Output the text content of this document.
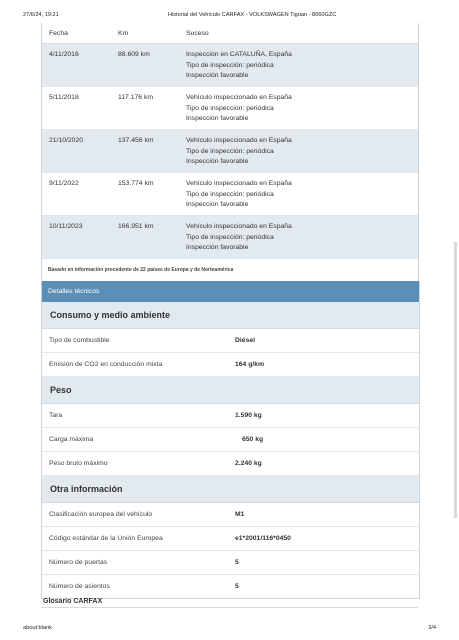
27/6/24, 19:21	Historial del Vehículo CARFAX - VOLKSWAGEN Tiguan - 8060GZC
Fecha	Km	Suceso
4/11/2016	88.609 km	Inspección en CATALUÑA, España
Tipo de inspección: periódica
Inspección favorable
5/11/2018	117.176 km	Vehículo inspeccionado en España
Tipo de inspección: periódica
Inspección favorable
21/10/2020	137.456 km	Vehículo inspeccionado en España
Tipo de inspección: periódica
Inspección favorable
9/11/2022	153.774 km	Vehículo inspeccionado en España
Tipo de inspección: periódica
Inspección favorable
10/11/2023	166.951 km	Vehículo inspeccionado en España
Tipo de inspección: periódica
Inspección favorable
Basado en información procedente de 22 países de Europa y de Norteamérica
Detalles técnicos
Consumo y medio ambiente
Tipo de combustible	Diésel
Emisión de CO2 en conducción mixta	164 g/km
Peso
Tara	1.590 kg
Carga máxima	650 kg
Peso bruto máximo	2.240 kg
Otra información
Clasificación europea del vehículo	M1
Código estándar de la Unión Europea	e1*2001/116*0450
Número de puertas	5
Número de asientos	5
Glosario CARFAX
about:blank	3/4
